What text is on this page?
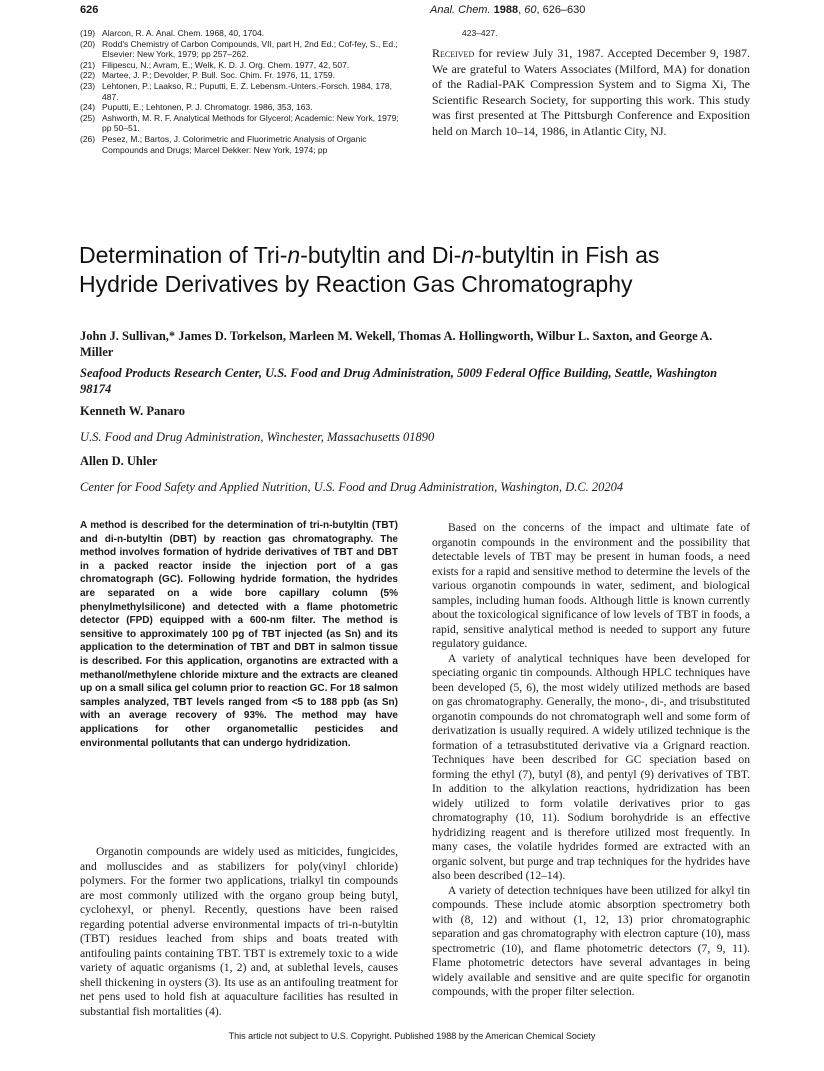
626	Anal. Chem. 1988, 60, 626–630
(19) Alarcon, R. A. Anal. Chem. 1968, 40, 1704.
(20) Rodd's Chemistry of Carbon Compounds, VII, part H, 2nd Ed.; Cof-fey, S., Ed.; Elsevier: New York, 1979; pp 257–262.
(21) Filipescu, N.; Avram, E.; Welk, K. D. J. Org. Chem. 1977, 42, 507.
(22) Martee, J. P.; Devolder, P. Bull. Soc. Chim. Fr. 1976, 11, 1759.
(23) Lehtonen, P.; Laakso, R.; Puputti, E. Z. Lebensm.-Unters.-Forsch. 1984, 178, 487.
(24) Puputti, E.; Lehtonen, P. J. Chromatogr. 1986, 353, 163.
(25) Ashworth, M. R. F. Analytical Methods for Glycerol; Academic: New York, 1979; pp 50–51.
(26) Pesez, M.; Bartos, J. Colorimetric and Fluorimetric Analysis of Organic Compounds and Drugs; Marcel Dekker: New York, 1974; pp
423–427.
Received for review July 31, 1987. Accepted December 9, 1987. We are grateful to Waters Associates (Milford, MA) for donation of the Radial-PAK Compression System and to Sigma Xi, The Scientific Research Society, for supporting this work. This study was first presented at The Pittsburgh Conference and Exposition held on March 10–14, 1986, in Atlantic City, NJ.
Determination of Tri-n-butyltin and Di-n-butyltin in Fish as
Hydride Derivatives by Reaction Gas Chromatography
John J. Sullivan,* James D. Torkelson, Marleen M. Wekell, Thomas A. Hollingworth, Wilbur L. Saxton, and George A. Miller
Seafood Products Research Center, U.S. Food and Drug Administration, 5009 Federal Office Building, Seattle, Washington 98174
Kenneth W. Panaro
U.S. Food and Drug Administration, Winchester, Massachusetts 01890
Allen D. Uhler
Center for Food Safety and Applied Nutrition, U.S. Food and Drug Administration, Washington, D.C. 20204
A method is described for the determination of tri-n-butyltin (TBT) and di-n-butyltin (DBT) by reaction gas chromatography. The method involves formation of hydride derivatives of TBT and DBT in a packed reactor inside the injection port of a gas chromatograph (GC). Following hydride formation, the hydrides are separated on a wide bore capillary column (5% phenylmethylsilicone) and detected with a flame photometric detector (FPD) equipped with a 600-nm filter. The method is sensitive to approximately 100 pg of TBT injected (as Sn) and its application to the determination of TBT and DBT in salmon tissue is described. For this application, organotins are extracted with a methanol/methylene chloride mixture and the extracts are cleaned up on a small silica gel column prior to reaction GC. For 18 salmon samples analyzed, TBT levels ranged from <5 to 188 ppb (as Sn) with an average recovery of 93%. The method may have applications for other organometallic pesticides and environmental pollutants that can undergo hydridization.

Organotin compounds are widely used as miticides, fungicides, and molluscides and as stabilizers for poly(vinyl chloride) polymers. For the former two applications, trialkyl tin compounds are most commonly utilized with the organo group being butyl, cyclohexyl, or phenyl. Recently, questions have been raised regarding potential adverse environmental impacts of tri-n-butyltin (TBT) residues leached from ships and boats treated with antifouling paints containing TBT. TBT is extremely toxic to a wide variety of aquatic organisms (1, 2) and, at sublethal levels, causes shell thickening in oysters (3). Its use as an antifouling treatment for net pens used to hold fish at aquaculture facilities has resulted in substantial fish mortalities (4).

Based on the concerns of the impact and ultimate fate of organotin compounds in the environment and the possibility that detectable levels of TBT may be present in human foods, a need exists for a rapid and sensitive method to determine the levels of the various organotin compounds in water, sediment, and biological samples, including human foods. Although little is known currently about the toxicological significance of low levels of TBT in foods, a rapid, sensitive analytical method is needed to support any future regulatory guidance.

A variety of analytical techniques have been developed for speciating organic tin compounds. Although HPLC techniques have been developed (5, 6), the most widely utilized methods are based on gas chromatography. Generally, the mono-, di-, and trisubstituted organotin compounds do not chromatograph well and some form of derivatization is usually required. A widely utilized technique is the formation of a tetrasubstituted derivative via a Grignard reaction. Techniques have been described for GC speciation based on forming the ethyl (7), butyl (8), and pentyl (9) derivatives of TBT. In addition to the alkylation reactions, hydridization has been widely utilized to form volatile derivatives prior to gas chromatography (10, 11). Sodium borohydride is an effective hydridizing reagent and is therefore utilized most frequently. In many cases, the volatile hydrides formed are extracted with an organic solvent, but purge and trap techniques for the hydrides have also been described (12–14).

A variety of detection techniques have been utilized for alkyl tin compounds. These include atomic absorption spectrometry both with (8, 12) and without (1, 12, 13) prior chromatographic separation and gas chromatography with electron capture (10), mass spectrometric (10), and flame photometric detectors (7, 9, 11). Flame photometric detectors have several advantages in being widely available and sensitive and are quite specific for organotin compounds, with the proper filter selection.

This article not subject to U.S. Copyright. Published 1988 by the American Chemical Society
